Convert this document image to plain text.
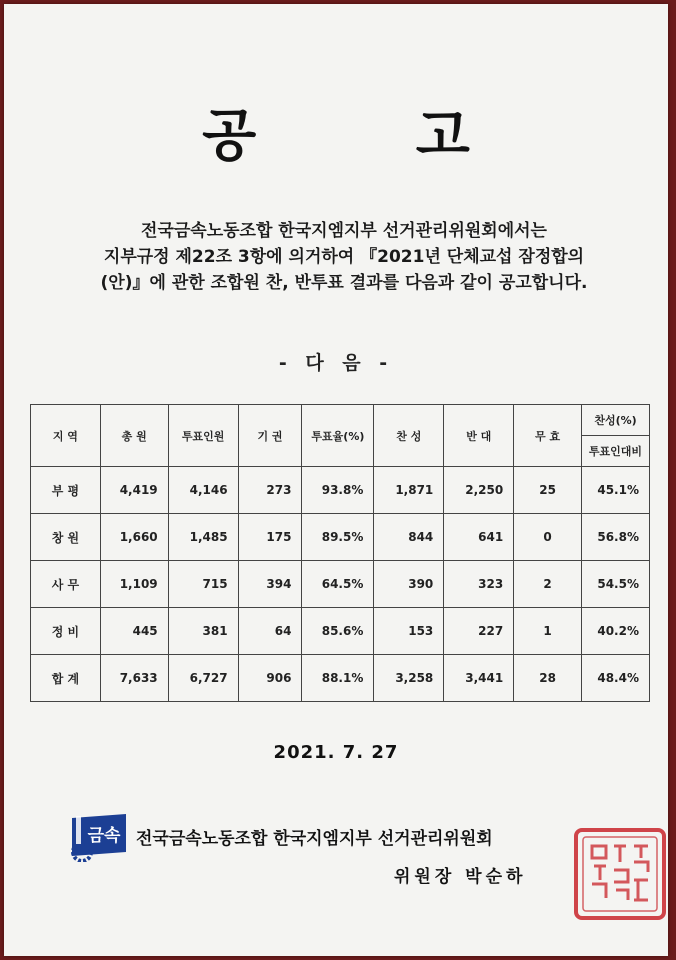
공 고
전국금속노동조합 한국지엠지부 선거관리위원회에서는
지부규정 제22조 3항에 의거하여 『2021년 단체교섭 잠정합의
(안)』에 관한 조합원 찬, 반투표 결과를 다음과 같이 공고합니다.
- 다 음 -
지 역	총 원	투표인원	기 권	투표율(%)	찬 성	반 대	무 효	찬성(%)
								투표인대비
부 평	4,419	4,146	273	93.8%	1,871	2,250	25	45.1%
창 원	1,660	1,485	175	89.5%	844	641	0	56.8%
사 무	1,109	715	394	64.5%	390	323	2	54.5%
정 비	445	381	64	85.6%	153	227	1	40.2%
합 계	7,633	6,727	906	88.1%	3,258	3,441	28	48.4%
2021. 7. 27
금속 전국금속노동조합 한국지엠지부 선거관리위원회
위원장 박순하
